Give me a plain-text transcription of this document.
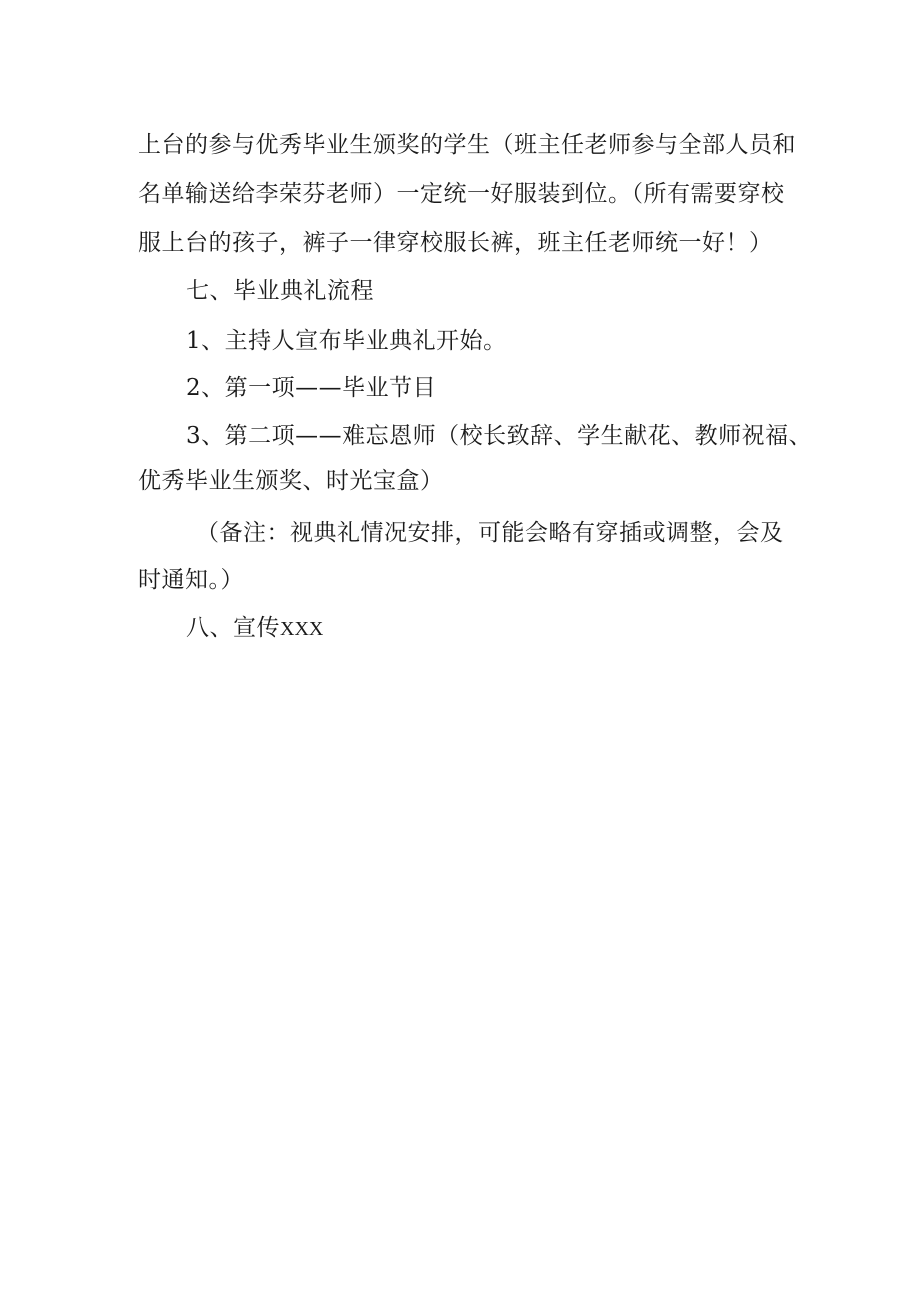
上台的参与优秀毕业生颁奖的学生（班主任老师参与全部人员和
名单输送给李荣芬老师）一定统一好服装到位。（所有需要穿校
服上台的孩子，裤子一律穿校服长裤，班主任老师统一好！）
七、毕业典礼流程
1、主持人宣布毕业典礼开始。
2、第一项——毕业节目
3、第二项——难忘恩师（校长致辞、学生献花、教师祝福、
优秀毕业生颁奖、时光宝盒）
（备注：视典礼情况安排，可能会略有穿插或调整，会及
时通知。）
八、宣传XXX
